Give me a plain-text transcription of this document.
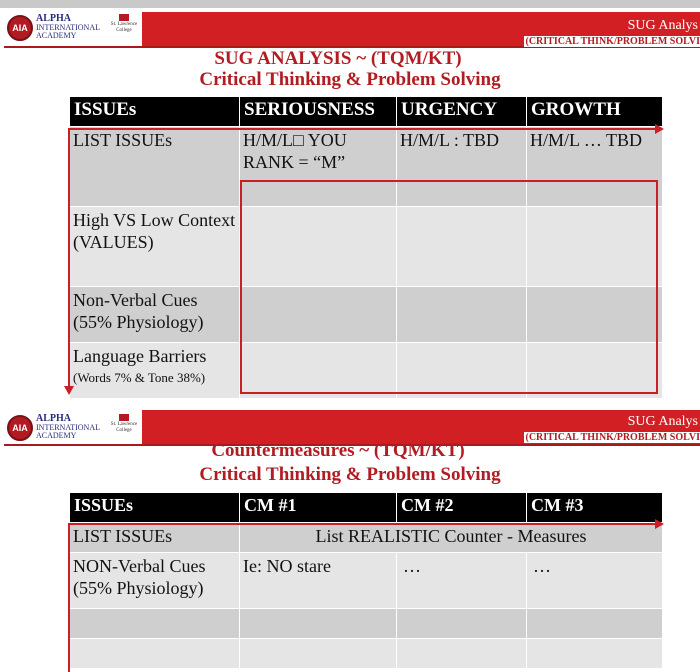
AIA
ALPHA
INTERNATIONAL
ACADEMY
St. Lawrence
College	SUG Analys
(CRITICAL THINK/PROBLEM SOLVI
SUG ANALYSIS ~ (TQM/KT)
Critical Thinking & Problem Solving
ISSUEs	SERIOUSNESS	URGENCY	GROWTH
LIST ISSUEs	H/M/L□ YOU RANK = “M”	H/M/L : TBD	H/M/L … TBD
High VS Low Context (VALUES)			
Non-Verbal Cues (55% Physiology)			

Language Barriers
(Words 7% & Tone 38%)			

AIA
ALPHA
INTERNATIONAL
ACADEMY
St. Lawrence
College
SUG Analys
(CRITICAL THINK/PROBLEM SOLVI
Countermeasures ~ (TQM/KT)
Critical Thinking & Problem Solving
ISSUEs	CM #1	CM #2	CM #3
LIST ISSUEs	List REALISTIC Counter - Measures		
NON-Verbal Cues (55% Physiology)	Ie: NO stare	…	…
